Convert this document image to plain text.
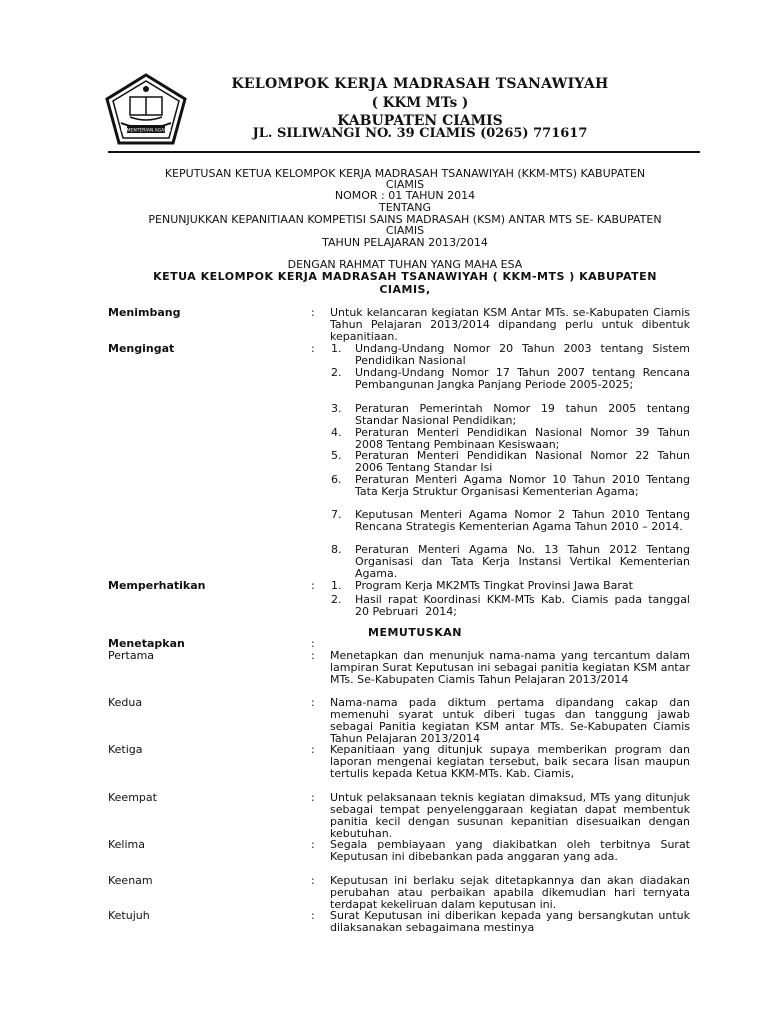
KEMENTERIAN AGAMA
KELOMPOK KERJA MADRASAH TSANAWIYAH
( KKM MTs )
KABUPATEN CIAMIS
JL. SILIWANGI NO. 39 CIAMIS (0265) 771617
KEPUTUSAN KETUA KELOMPOK KERJA MADRASAH TSANAWIYAH (KKM-MTS) KABUPATEN
CIAMIS
NOMOR : 01 TAHUN 2014
TENTANG
PENUNJUKKAN KEPANITIAAN KOMPETISI SAINS MADRASAH (KSM) ANTAR MTS SE- KABUPATEN
CIAMIS
TAHUN PELAJARAN 2013/2014
DENGAN RAHMAT TUHAN YANG MAHA ESA
KETUA KELOMPOK KERJA MADRASAH TSANAWIYAH ( KKM-MTS ) KABUPATEN
CIAMIS,
Menimbang	: Untuk kelancaran kegiatan KSM Antar MTs. se-Kabupaten Ciamis Tahun Pelajaran 2013/2014 dipandang perlu untuk dibentuk kepanitiaan.
Mengingat	: 1. Undang-Undang Nomor 20 Tahun 2003 tentang Sistem Pendidikan Nasional
2. Undang-Undang Nomor 17 Tahun 2007 tentang Rencana Pembangunan Jangka Panjang Periode 2005-2025;
3. Peraturan Pemerintah Nomor 19 tahun 2005 tentang Standar Nasional Pendidikan;
4. Peraturan Menteri Pendidikan Nasional Nomor 39 Tahun 2008 Tentang Pembinaan Kesiswaan;
5. Peraturan Menteri Pendidikan Nasional Nomor 22 Tahun 2006 Tentang Standar Isi
6. Peraturan Menteri Agama Nomor 10 Tahun 2010 Tentang Tata Kerja Struktur Organisasi Kementerian Agama;
7. Keputusan Menteri Agama Nomor 2 Tahun 2010 Tentang Rencana Strategis Kementerian Agama Tahun 2010 – 2014.
8. Peraturan Menteri Agama No. 13 Tahun 2012 Tentang Organisasi dan Tata Kerja Instansi Vertikal Kementerian Agama.
Memperhatikan	: 1. Program Kerja MK2MTs Tingkat Provinsi Jawa Barat
2. Hasil rapat Koordinasi KKM-MTs Kab. Ciamis pada tanggal          20 Pebruari  2014;
MEMUTUSKAN
Menetapkan	:
Pertama	: Menetapkan dan menunjuk nama-nama yang tercantum dalam lampiran Surat Keputusan ini sebagai panitia kegiatan KSM antar MTs. Se-Kabupaten Ciamis Tahun Pelajaran 2013/2014
Kedua	: Nama-nama pada diktum pertama dipandang cakap dan memenuhi syarat untuk diberi tugas dan tanggung jawab sebagai Panitia kegiatan KSM antar MTs. Se-Kabupaten Ciamis Tahun Pelajaran 2013/2014
Ketiga	: Kepanitiaan yang ditunjuk supaya memberikan program dan laporan mengenai kegiatan tersebut, baik secara lisan maupun tertulis kepada Ketua KKM-MTs. Kab. Ciamis,
Keempat	: Untuk pelaksanaan teknis kegiatan dimaksud, MTs yang ditunjuk sebagai tempat penyelenggaraan kegiatan dapat membentuk panitia kecil dengan susunan kepanitian disesuaikan dengan kebutuhan.
Kelima	: Segala pembiayaan yang diakibatkan oleh terbitnya Surat Keputusan ini dibebankan pada anggaran yang ada.
Keenam	: Keputusan ini berlaku sejak ditetapkannya dan akan diadakan perubahan atau perbaikan apabila dikemudian hari ternyata terdapat kekeliruan dalam keputusan ini.
Ketujuh	: Surat Keputusan ini diberikan kepada yang bersangkutan untuk dilaksanakan sebagaimana mestinya
